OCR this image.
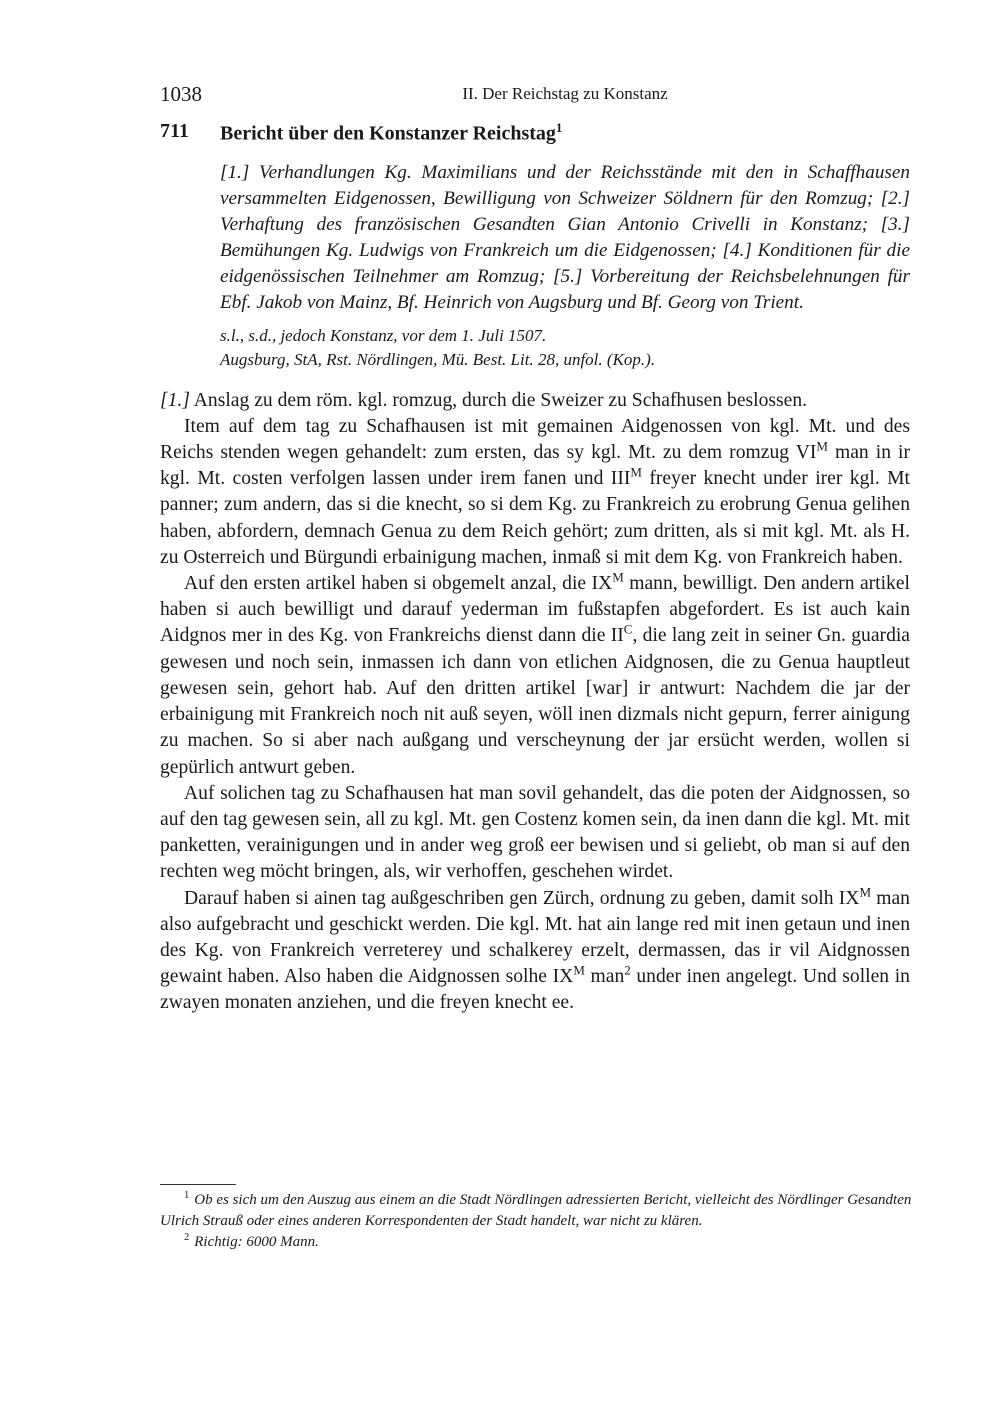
1038	II. Der Reichstag zu Konstanz
711	Bericht über den Konstanzer Reichstag$^1$
[1.] Verhandlungen Kg. Maximilians und der Reichsstände mit den in Schaffhausen versammelten Eidgenossen, Bewilligung von Schweizer Söldnern für den Romzug; [2.] Verhaftung des französischen Gesandten Gian Antonio Crivelli in Konstanz; [3.] Bemühungen Kg. Ludwigs von Frankreich um die Eidgenossen; [4.] Konditionen für die eidgenössischen Teilnehmer am Romzug; [5.] Vorbereitung der Reichsbelehnungen für Ebf. Jakob von Mainz, Bf. Heinrich von Augsburg und Bf. Georg von Trient.
s.l., s.d., jedoch Konstanz, vor dem 1. Juli 1507.
Augsburg, StA, Rst. Nördlingen, Mü. Best. Lit. 28, unfol. (Kop.).

[1.] Anslag zu dem röm. kgl. romzug, durch die Sweizer zu Schafhusen beslossen.

Item auf dem tag zu Schafhausen ist mit gemainen Aidgenossen von kgl. Mt. und des Reichs stenden wegen gehandelt: zum ersten, das sy kgl. Mt. zu dem romzug $VI^M$ man in ir kgl. Mt. costen verfolgen lassen under irem fanen und $III^M$ freyer knecht under irer kgl. Mt panner; zum andern, das si die knecht, so si dem Kg. zu Frankreich zu erobrung Genua gelihen haben, abfordern, demnach Genua zu dem Reich gehört; zum dritten, als si mit kgl. Mt. als H. zu Osterreich und Bürgundi erbainigung machen, inmaß si mit dem Kg. von Frankreich haben.

Auf den ersten artikel haben si obgemelt anzal, die $IX^M$ mann, bewilligt. Den andern artikel haben si auch bewilligt und darauf yederman im fußstapfen abgefordert. Es ist auch kain Aidgnos mer in des Kg. von Frankreichs dienst dann die $II^C$, die lang zeit in seiner Gn. guardia gewesen und noch sein, inmassen ich dann von etlichen Aidgnosen, die zu Genua hauptleut gewesen sein, gehort hab. Auf den dritten artikel [war] ir antwurt: Nachdem die jar der erbainigung mit Frankreich noch nit auß seyen, wöll inen dizmals nicht gepurn, ferrer ainigung zu machen. So si aber nach außgang und verscheynung der jar ersücht werden, wollen si gepürlich antwurt geben.

Auf solichen tag zu Schafhausen hat man sovil gehandelt, das die poten der Aidgnossen, so auf den tag gewesen sein, all zu kgl. Mt. gen Costenz komen sein, da inen dann die kgl. Mt. mit panketten, verainigungen und in ander weg groß eer bewisen und si geliebt, ob man si auf den rechten weg möcht bringen, als, wir verhoffen, geschehen wirdet.

Darauf haben si ainen tag außgeschriben gen Zürch, ordnung zu geben, damit solh $IX^M$ man also aufgebracht und geschickt werden. Die kgl. Mt. hat ain lange red mit inen getaun und inen des Kg. von Frankreich verreterey und schalkerey erzelt, dermassen, das ir vil Aidgnossen gewaint haben. Also haben die Aidgnossen solhe $IX^M$ man$^2$ under inen angelegt. Und sollen in zwayen monaten anziehen, und die freyen knecht ee.

$^1$ Ob es sich um den Auszug aus einem an die Stadt Nördlingen adressierten Bericht, vielleicht des Nördlinger Gesandten Ulrich Strauß oder eines anderen Korrespondenten der Stadt handelt, war nicht zu klären.

$^2$ Richtig: 6000 Mann.
